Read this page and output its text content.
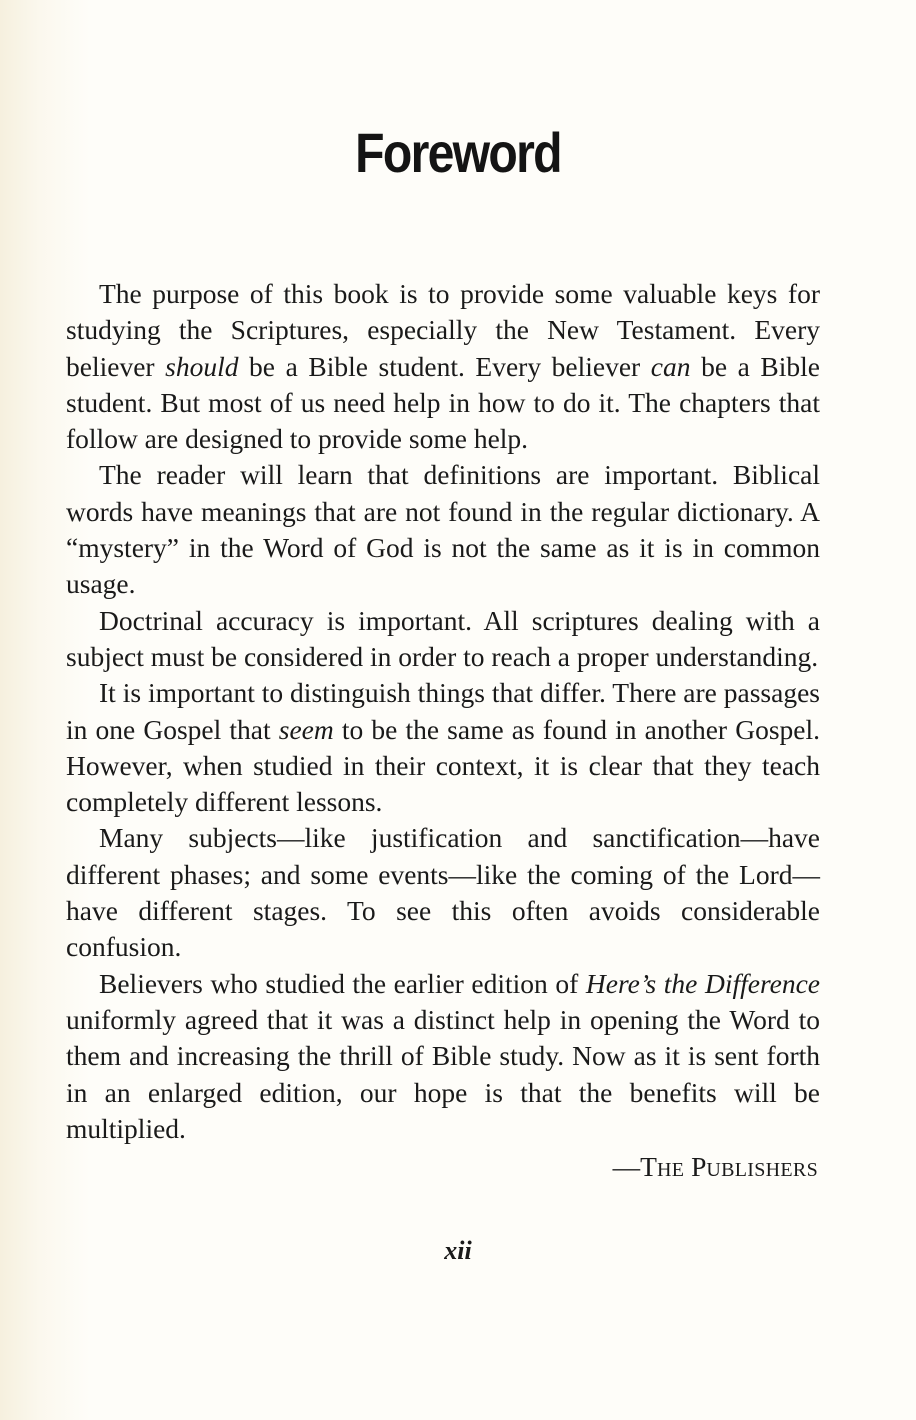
Foreword

The purpose of this book is to provide some valuable keys for studying the Scriptures, especially the New Testament. Every believer should be a Bible student. Every believer can be a Bible student. But most of us need help in how to do it. The chapters that follow are designed to provide some help.

The reader will learn that definitions are important. Biblical words have meanings that are not found in the regular dictionary. A “mystery” in the Word of God is not the same as it is in common usage.

Doctrinal accuracy is important. All scriptures dealing with a subject must be considered in order to reach a proper understanding.

It is important to distinguish things that differ. There are passages in one Gospel that seem to be the same as found in another Gospel. However, when studied in their context, it is clear that they teach completely different lessons.

Many subjects—like justification and sanctification—have different phases; and some events—like the coming of the Lord—have different stages. To see this often avoids considerable confusion.

Believers who studied the earlier edition of Here’s the Difference uniformly agreed that it was a distinct help in opening the Word to them and increasing the thrill of Bible study. Now as it is sent forth in an enlarged edition, our hope is that the benefits will be multiplied.

—THE PUBLISHERS

xii
